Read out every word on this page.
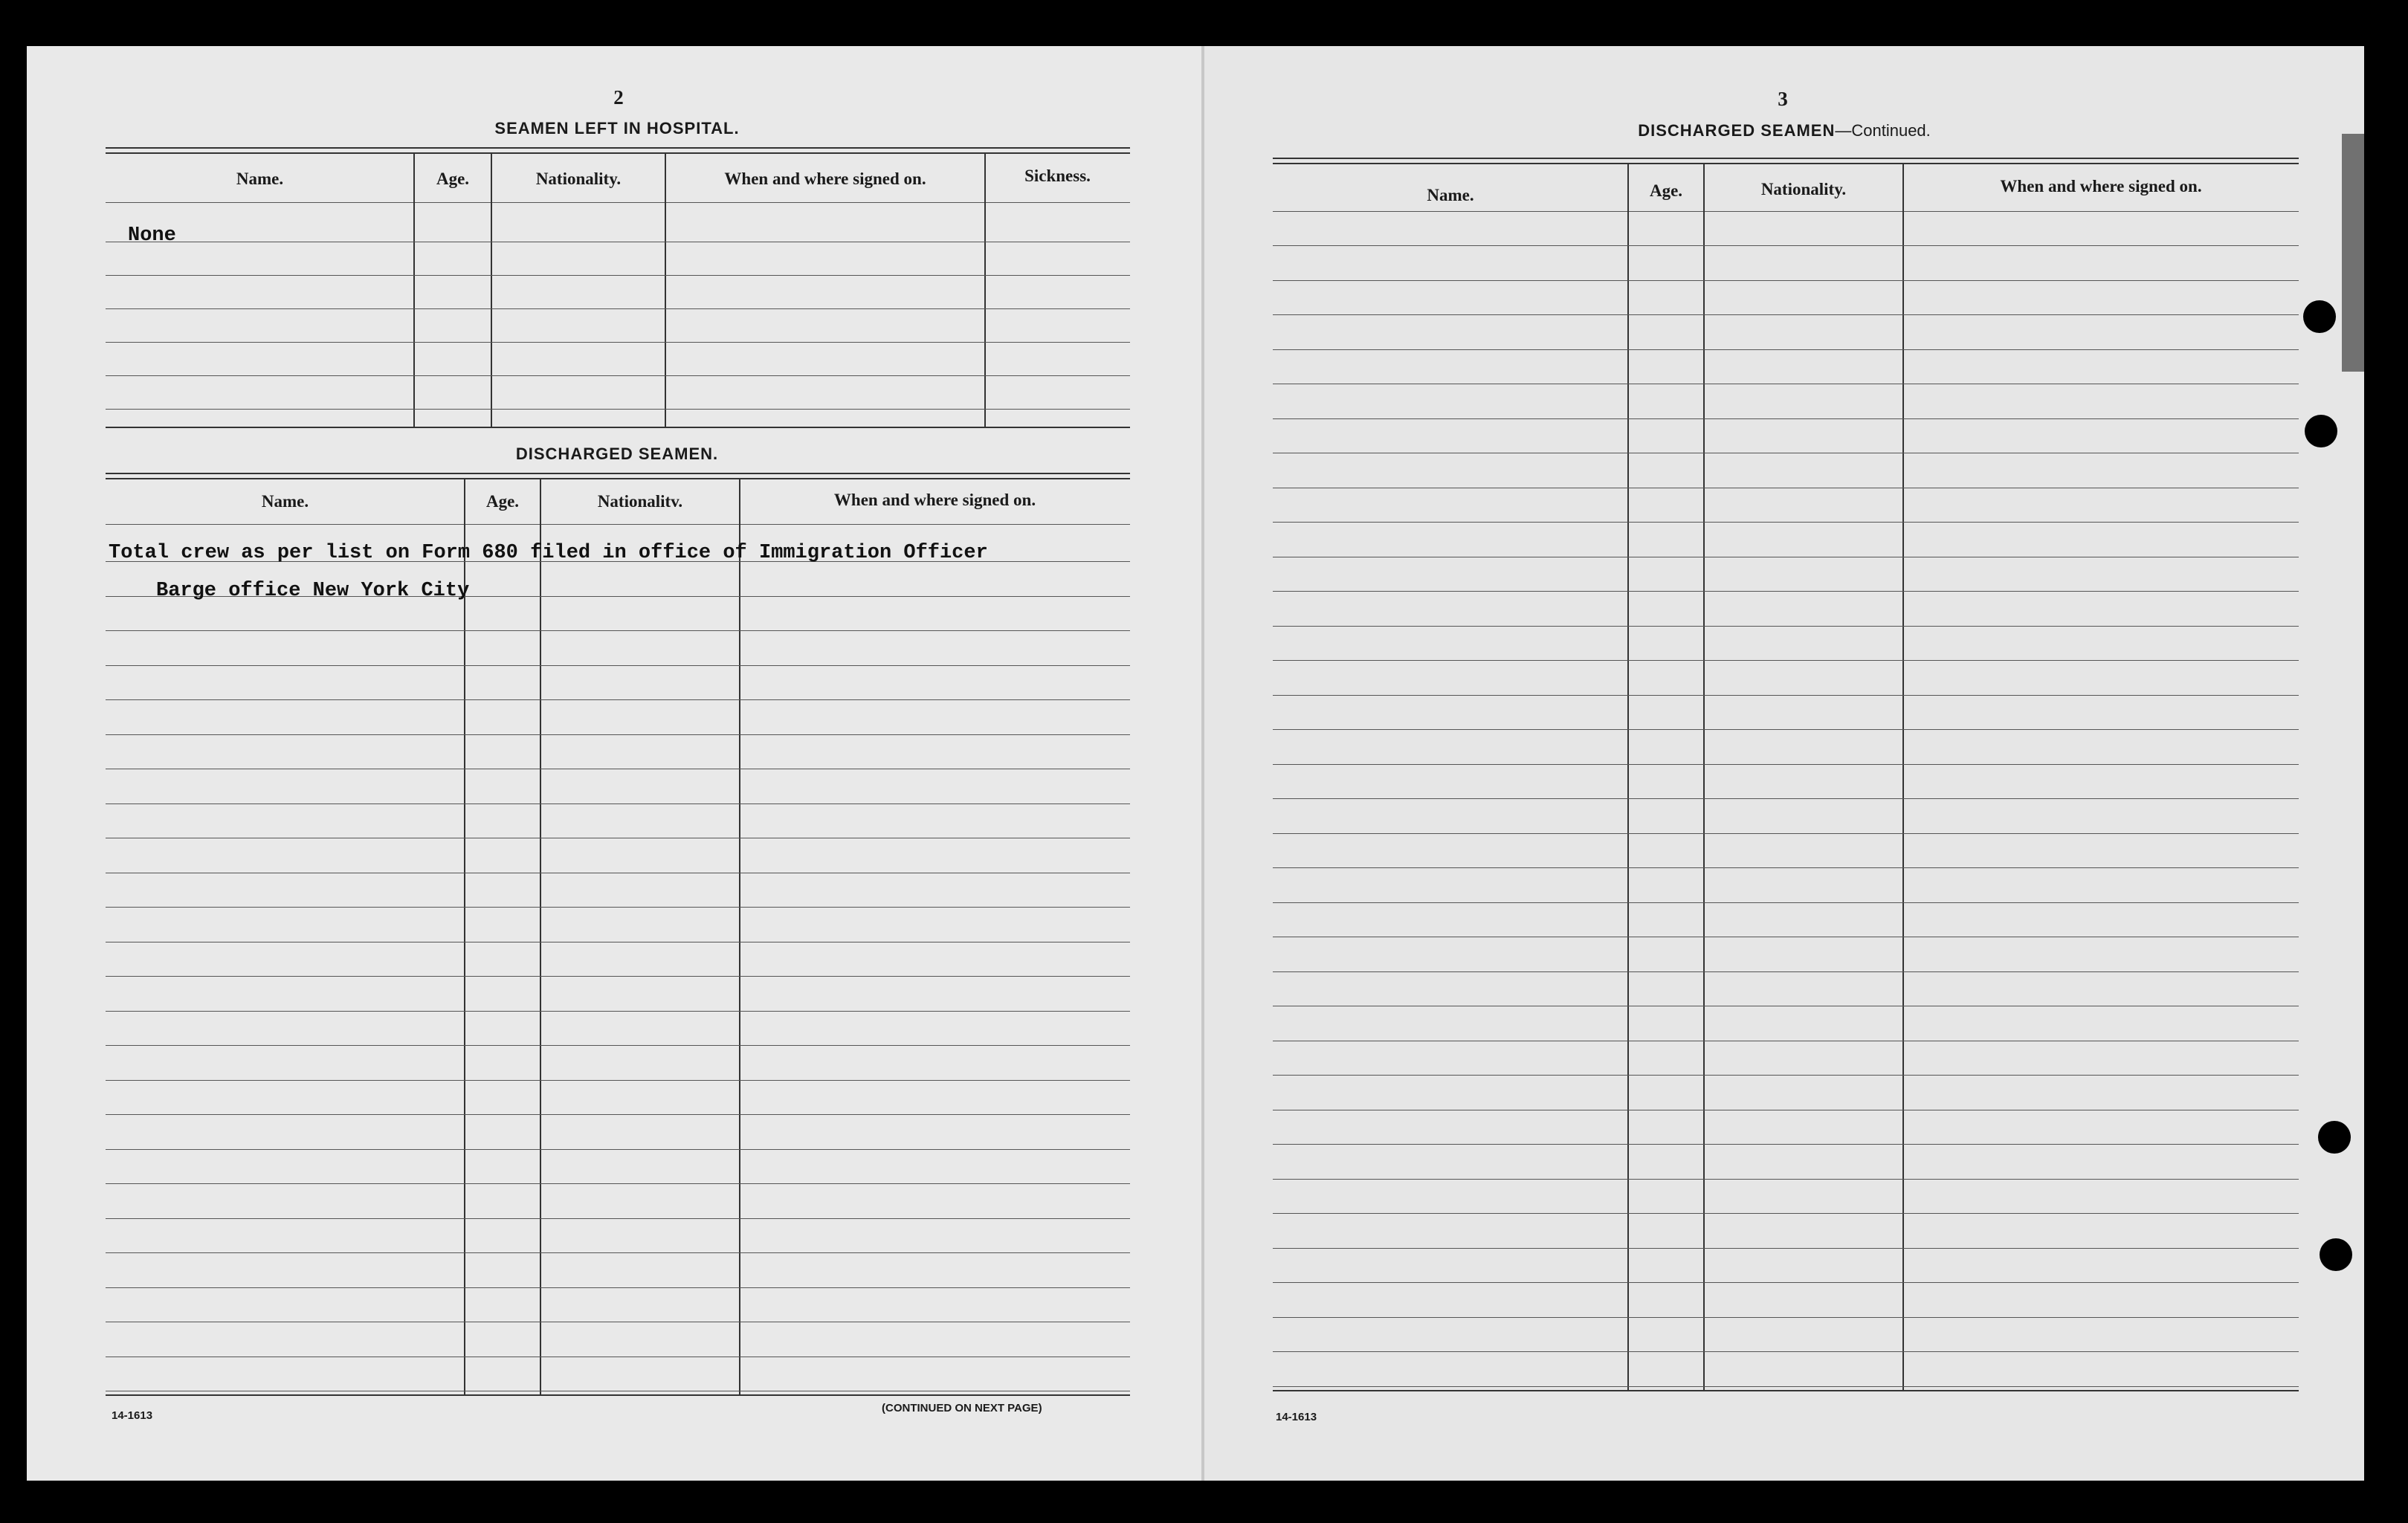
2
SEAMEN LEFT IN HOSPITAL.
Name.	Age.	Nationality.	When and where signed on.	Sickness.
None
DISCHARGED SEAMEN.
Name.	Age.	Nationalitv.	When and where signed on.
Total crew as per list on Form 680 filed in office of Immigration Officer
Barge office New York City
14-1613
(CONTINUED ON NEXT PAGE)
3
DISCHARGED SEAMEN—Continued.
Name.	Age.	Nationality.	When and where signed on.
14-1613
